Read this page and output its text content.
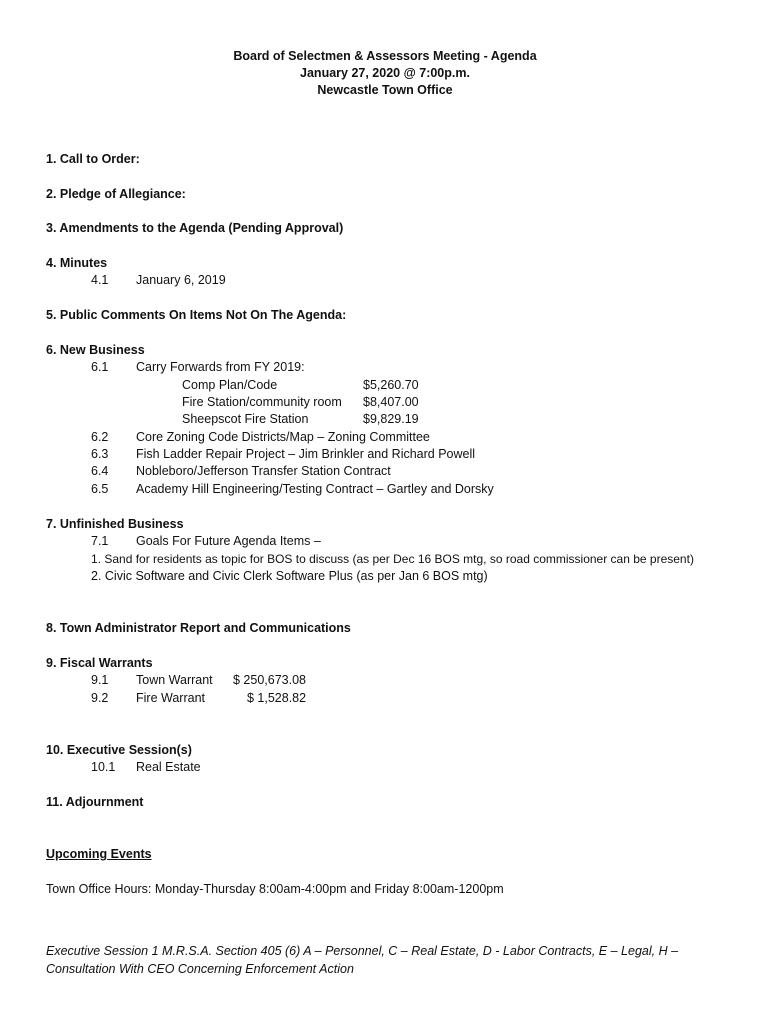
Board of Selectmen & Assessors Meeting - Agenda
January 27, 2020 @ 7:00p.m.
Newcastle Town Office
1. Call to Order:
2. Pledge of Allegiance:
3. Amendments to the Agenda (Pending Approval)
4. Minutes
4.1 January 6, 2019
5. Public Comments On Items Not On The Agenda:
6. New Business
6.1 Carry Forwards from FY 2019:
Comp Plan/Code	$5,260.70
Fire Station/community room $8,407.00
Sheepscot Fire Station	$9,829.19
6.2 Core Zoning Code Districts/Map – Zoning Committee
6.3 Fish Ladder Repair Project – Jim Brinkler and Richard Powell
6.4 Nobleboro/Jefferson Transfer Station Contract
6.5 Academy Hill Engineering/Testing Contract – Gartley and Dorsky
7. Unfinished Business
7.1 Goals For Future Agenda Items –
1. Sand for residents as topic for BOS to discuss (as per Dec 16 BOS mtg, so road commissioner can be present)
2. Civic Software and Civic Clerk Software Plus (as per Jan 6 BOS mtg)
8. Town Administrator Report and Communications
9. Fiscal Warrants
9.1 Town Warrant $ 250,673.08
9.2 Fire Warrant	$ 1,528.82
10. Executive Session(s)
10.1 Real Estate
11. Adjournment
Upcoming Events
Town Office Hours: Monday-Thursday 8:00am-4:00pm and Friday 8:00am-1200pm
Executive Session 1 M.R.S.A. Section 405 (6) A – Personnel, C – Real Estate, D - Labor Contracts, E – Legal, H –
Consultation With CEO Concerning Enforcement Action
